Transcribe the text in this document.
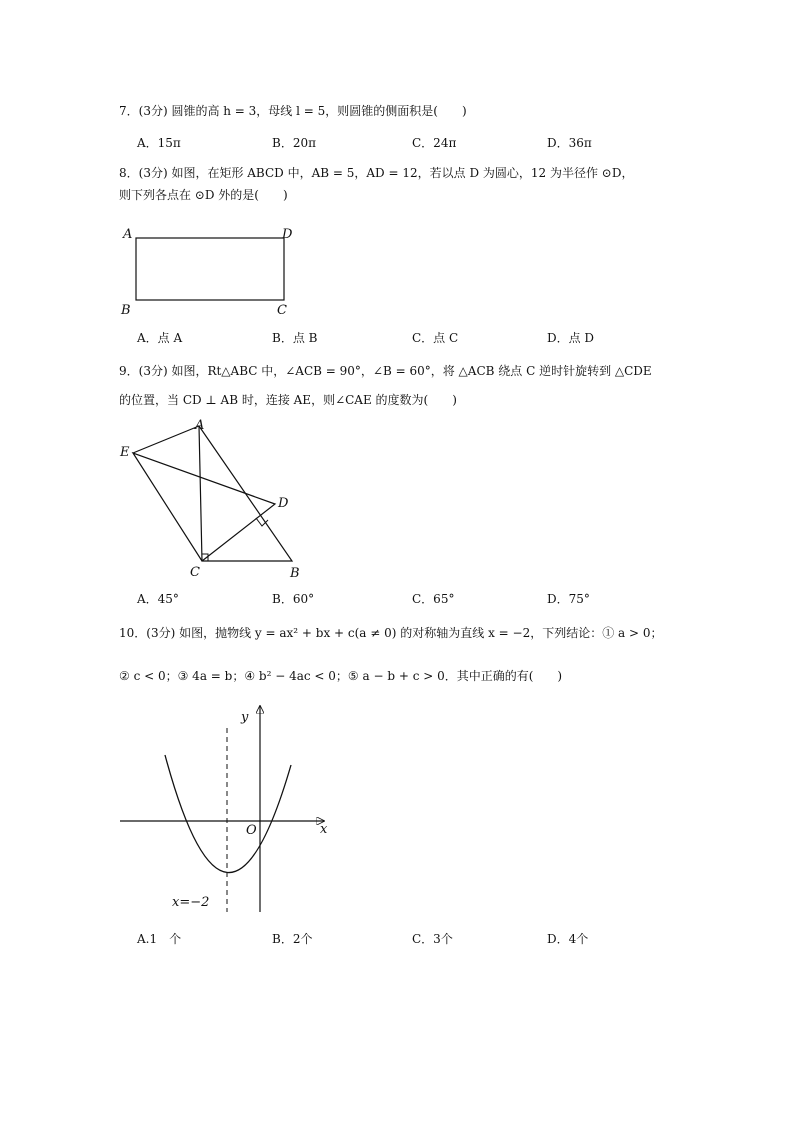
7．(3分) 圆锥的高 h = 3，母线 l = 5，则圆锥的侧面积是(　　)
A．15π	B．20π	C．24π	D．36π
8．(3分) 如图，在矩形 ABCD 中，AB = 5，AD = 12，若以点 D 为圆心，12 为半径作 ⊙D，
则下列各点在 ⊙D 外的是(　　)
A	D
B	C
A．点 A	B．点 B	C．点 C	D．点 D
9．(3分) 如图，Rt△ABC 中，∠ACB = 90°，∠B = 60°，将 △ACB 绕点 C 逆时针旋转到 △CDE
的位置，当 CD ⊥ AB 时，连接 AE，则∠CAE 的度数为(　　)
A
E
D
C	B
A．45°	B．60°	C．65°	D．75°
10．(3分) 如图，抛物线 y = ax² + bx + c(a ≠ 0) 的对称轴为直线 x = −2，下列结论：① a > 0；
② c < 0；③ 4a = b；④ b² − 4ac < 0；⑤ a − b + c > 0．其中正确的有(　　)
y
x
O
x=−2
A.1　个	B．2个	C．3个	D．4个
